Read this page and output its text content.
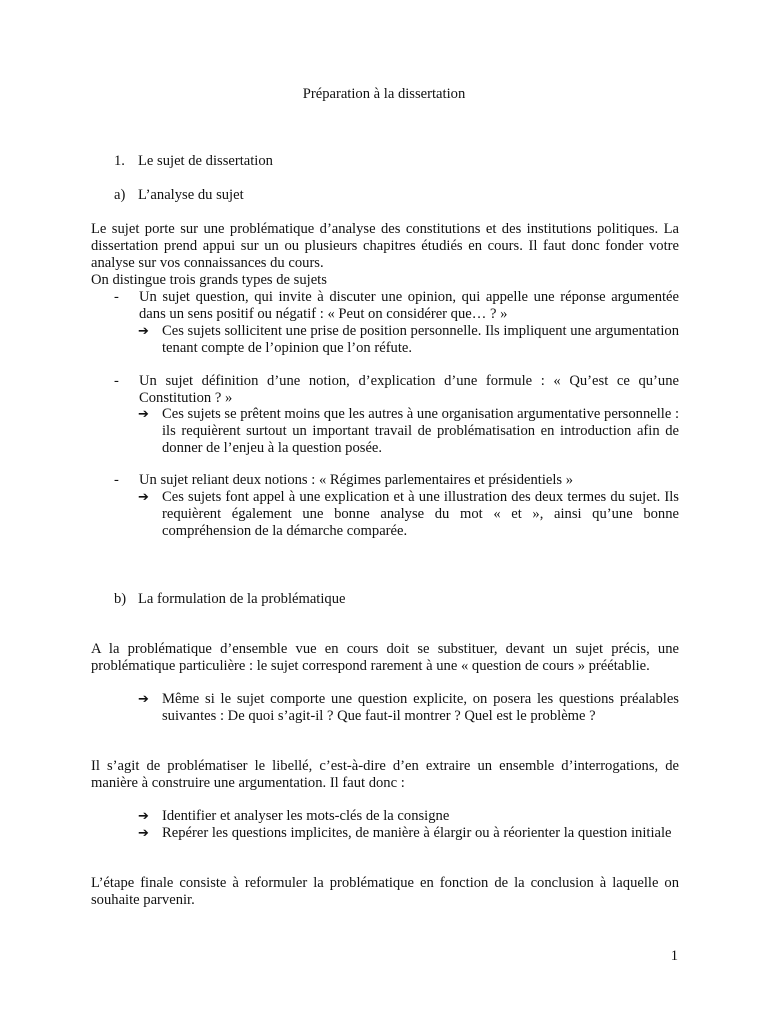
Préparation à la dissertation

1. Le sujet de dissertation
a) L’analyse du sujet

Le sujet porte sur une problématique d’analyse des constitutions et des institutions politiques. La dissertation prend appui sur un ou plusieurs chapitres étudiés en cours. Il faut donc fonder votre analyse sur vos connaissances du cours.

On distingue trois grands types de sujets

- Un sujet question, qui invite à discuter une opinion, qui appelle une réponse argumentée dans un sens positif ou négatif : « Peut on considérer que… ? »

➔ Ces sujets sollicitent une prise de position personnelle. Ils impliquent une argumentation tenant compte de l’opinion que l’on réfute.

- Un sujet définition d’une notion, d’explication d’une formule : « Qu’est ce qu’une Constitution ? »

➔ Ces sujets se prêtent moins que les autres à une organisation argumentative personnelle : ils requièrent surtout un important travail de problématisation en introduction afin de donner de l’enjeu à la question posée.

- Un sujet reliant deux notions : « Régimes parlementaires et présidentiels »

➔ Ces sujets font appel à une explication et à une illustration des deux termes du sujet. Ils requièrent également une bonne analyse du mot « et », ainsi qu’une bonne compréhension de la démarche comparée.

b) La formulation de la problématique

A la problématique d’ensemble vue en cours doit se substituer, devant un sujet précis, une problématique particulière : le sujet correspond rarement à une « question de cours » préétablie.

➔ Même si le sujet comporte une question explicite, on posera les questions préalables suivantes : De quoi s’agit-il ? Que faut-il montrer ? Quel est le problème ?

Il s’agit de problématiser le libellé, c’est-à-dire d’en extraire un ensemble d’interrogations, de manière à construire une argumentation. Il faut donc :

➔ Identifier et analyser les mots-clés de la consigne

➔ Repérer les questions implicites, de manière à élargir ou à réorienter la question initiale

L’étape finale consiste à reformuler la problématique en fonction de la conclusion à laquelle on souhaite parvenir.

1
